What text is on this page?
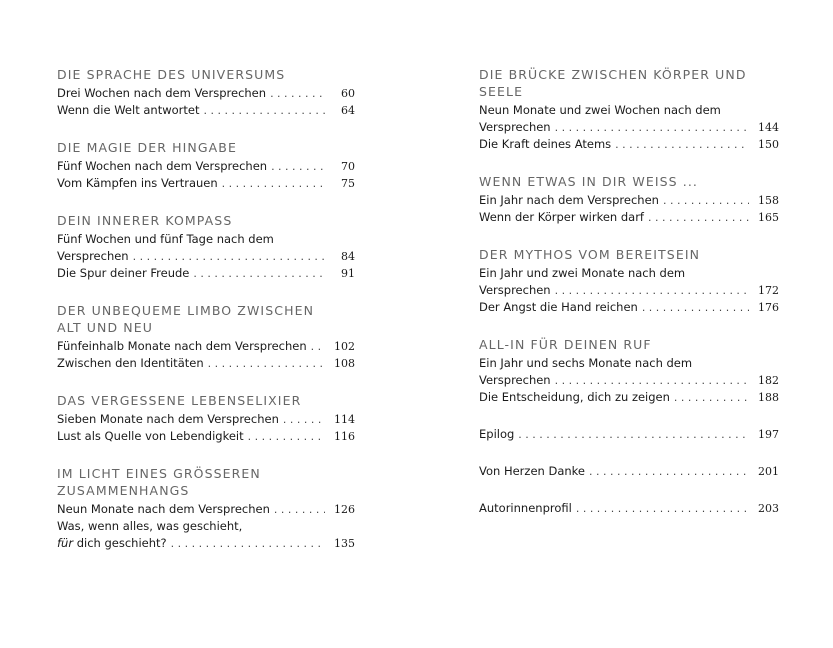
DIE SPRACHE DES UNIVERSUMS
Drei Wochen nach dem Versprechen . . .	60
Wenn die Welt antwortet . . .	64
DIE MAGIE DER HINGABE
Fünf Wochen nach dem Versprechen . . .	70
Vom Kämpfen ins Vertrauen . . .	75
DEIN INNERER KOMPASS
Fünf Wochen und fünf Tage nach dem
Versprechen . . .	84
Die Spur deiner Freude . . .	91
DER UNBEQUEME LIMBO ZWISCHEN
ALT UND NEU
Fünfeinhalb Monate nach dem Versprechen . . .	102
Zwischen den Identitäten . . .	108
DAS VERGESSENE LEBENSELIXIER
Sieben Monate nach dem Versprechen . . .	114
Lust als Quelle von Lebendigkeit . . .	116
IM LICHT EINES GRÖSSEREN
ZUSAMMENHANGS
Neun Monate nach dem Versprechen . . .	126
Was, wenn alles, was geschieht,
für dich geschieht? . . .	135
DIE BRÜCKE ZWISCHEN KÖRPER UND SEELE
Neun Monate und zwei Wochen nach dem
Versprechen . . .	144
Die Kraft deines Atems . . .	150
WENN ETWAS IN DIR WEISS ...
Ein Jahr nach dem Versprechen . . .	158
Wenn der Körper wirken darf . . .	165
DER MYTHOS VOM BEREITSEIN
Ein Jahr und zwei Monate nach dem
Versprechen . . .	172
Der Angst die Hand reichen . . .	176
ALL-IN FÜR DEINEN RUF
Ein Jahr und sechs Monate nach dem
Versprechen . . .	182
Die Entscheidung, dich zu zeigen . . .	188
Epilog . . .	197
Von Herzen Danke . . .	201
Autorinnenprofil . . .	203
